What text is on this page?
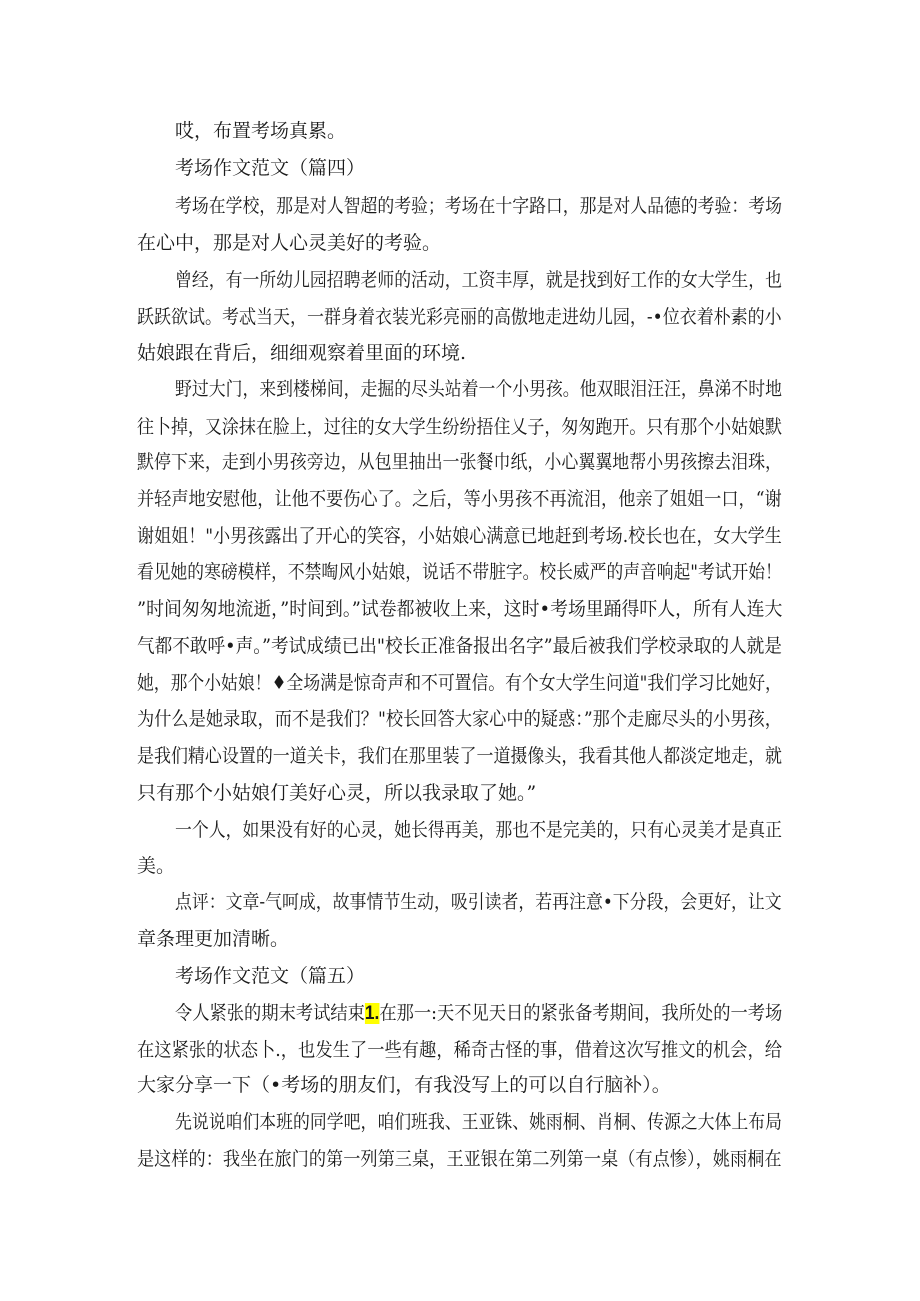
哎，布置考场真累。
考场作文范文（篇四）
考场在学校，那是对人智超的考验；考场在十字路口，那是对人品德的考验：考场
在心中，那是对人心灵美好的考验。
曾经，有一所幼儿园招聘老师的活动，工资丰厚，就是找到好工作的女大学生，也
跃跃欲试。考忒当天，一群身着衣装光彩亮丽的高傲地走进幼儿园，-•位衣着朴素的小
姑娘跟在背后，细细观察着里面的环境.
野过大门，来到楼梯间，走掘的尽头站着一个小男孩。他双眼泪汪汪，鼻涕不时地
往卜掉，又涂抹在脸上，过往的女大学生纷纷捂住乂子，匆匆跑开。只有那个小姑娘默
默停下来，走到小男孩旁边，从包里抽出一张餐巾纸，小心翼翼地帮小男孩擦去泪珠，
并轻声地安慰他，让他不要伤心了。之后，等小男孩不再流泪，他亲了姐姐一口，“谢
谢姐姐！"小男孩露出了开心的笑容，小姑娘心满意已地赶到考场.校长也在，女大学生
看见她的寒磅模样，不禁啕风小姑娘，说话不带脏字。校长威严的声音响起"考试开始！
”时间匆匆地流逝，”时间到。”试卷都被收上来，这时•考场里踊得吓人，所有人连大
气都不敢呼•声。”考试成绩已出"校长正准备报出名字”最后被我们学校录取的人就是
她，那个小姑娘！♦全场满是惊奇声和不可置信。有个女大学生问道"我们学习比她好，
为什么是她录取，而不是我们？"校长回答大家心中的疑惑：”那个走廊尽头的小男孩，
是我们精心设置的一道关卡，我们在那里装了一道摄像头，我看其他人都淡定地走，就
只有那个小姑娘仃美好心灵，所以我录取了她。”
一个人，如果没有好的心灵，她长得再美，那也不是完美的，只有心灵美才是真正
美。
点评：文章-气呵成，故事情节生动，吸引读者，若再注意•下分段，会更好，让文
章条理更加清晰。
考场作文范文（篇五）
令人紧张的期末考试结束1.在那一:天不见天日的紧张备考期间，我所处的一考场
在这紧张的状态卜.，也发生了一些有趣，稀奇古怪的事，借着这次写推文的机会，给
大家分享一下（•考场的朋友们，有我没写上的可以自行脑补）。
先说说咱们本班的同学吧，咱们班我、王亚铢、姚雨桐、肖桐、传源之大体上布局
是这样的：我坐在旅门的第一列第三桌，王亚银在第二列第一桌（有点惨），姚雨桐在
